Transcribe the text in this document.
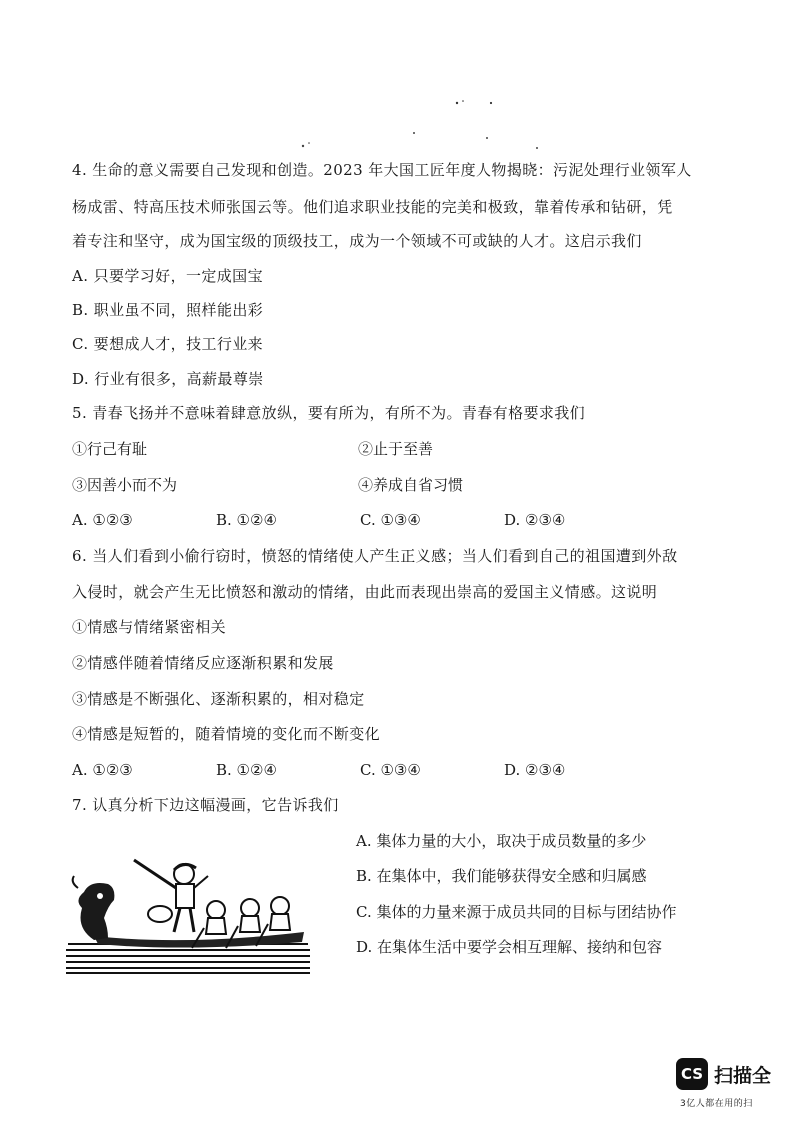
4. 生命的意义需要自己发现和创造。2023 年大国工匠年度人物揭晓：污泥处理行业领军人
杨成雷、特高压技术师张国云等。他们追求职业技能的完美和极致，靠着传承和钻研，凭
着专注和坚守，成为国宝级的顶级技工，成为一个领域不可或缺的人才。这启示我们
A. 只要学习好，一定成国宝
B. 职业虽不同，照样能出彩
C. 要想成人才，技工行业来
D. 行业有很多，高薪最尊崇
5. 青春飞扬并不意味着肆意放纵，要有所为，有所不为。青春有格要求我们
①行己有耻	②止于至善
③因善小而不为	④养成自省习惯
A. ①②③	B. ①②④	C. ①③④	D. ②③④
6. 当人们看到小偷行窃时，愤怒的情绪使人产生正义感；当人们看到自己的祖国遭到外敌
入侵时，就会产生无比愤怒和激动的情绪，由此而表现出崇高的爱国主义情感。这说明
①情感与情绪紧密相关
②情感伴随着情绪反应逐渐积累和发展
③情感是不断强化、逐渐积累的，相对稳定
④情感是短暂的，随着情境的变化而不断变化
A. ①②③	B. ①②④	C. ①③④	D. ②③④
7. 认真分析下边这幅漫画，它告诉我们
A. 集体力量的大小，取决于成员数量的多少
B. 在集体中，我们能够获得安全感和归属感
C. 集体的力量来源于成员共同的目标与团结协作
D. 在集体生活中要学会相互理解、接纳和包容
CS 扫描全
3亿人都在用的扫
